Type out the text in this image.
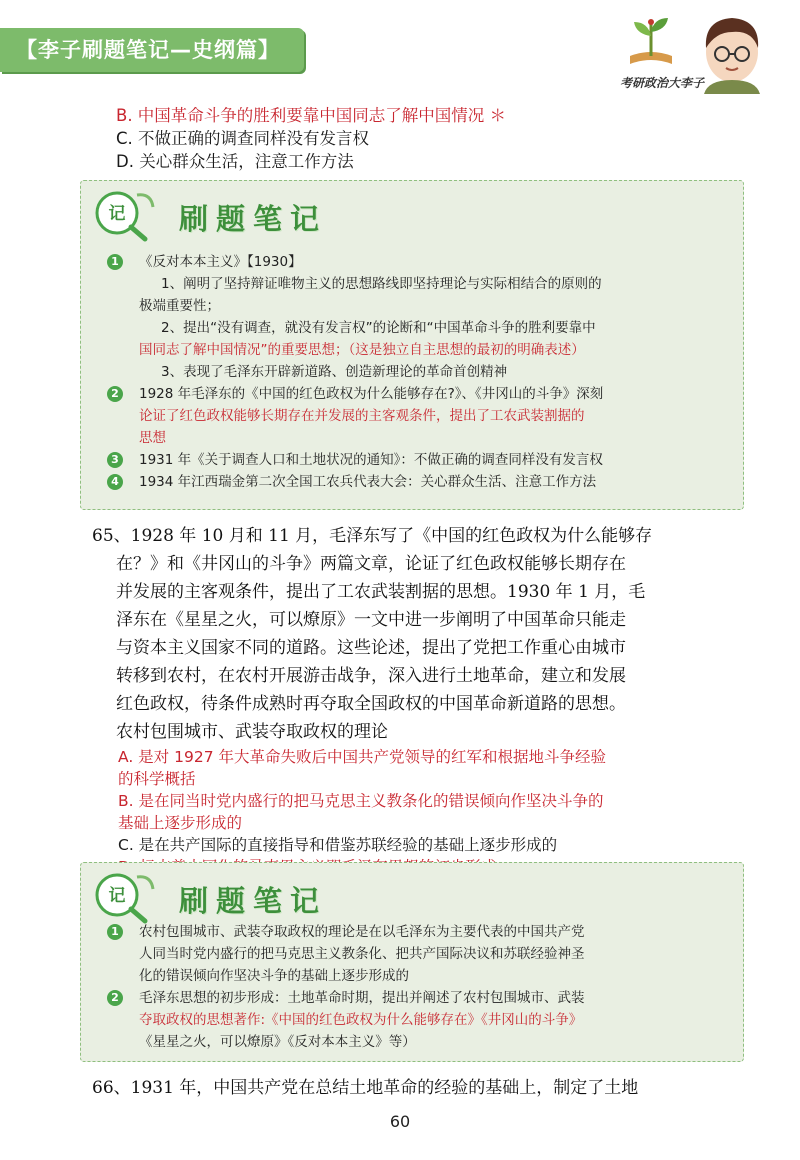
【李子刷题笔记—史纲篇】
考研政治大李子
B. 中国革命斗争的胜利要靠中国同志了解中国情况 ＊
C. 不做正确的调查同样没有发言权
D. 关心群众生活，注意工作方法
记 刷题笔记
1	《反对本本主义》【1930】
1、阐明了坚持辩证唯物主义的思想路线即坚持理论与实际相结合的原则的
极端重要性；
2、提出“没有调查，就没有发言权”的论断和“中国革命斗争的胜利要靠中
国同志了解中国情况”的重要思想；（这是独立自主思想的最初的明确表述）
3、表现了毛泽东开辟新道路、创造新理论的革命首创精神
2	1928 年毛泽东的《中国的红色政权为什么能够存在?》、《井冈山的斗争》深刻
论证了红色政权能够长期存在并发展的主客观条件，提出了工农武装割据的
思想
3	1931 年《关于调查人口和土地状况的通知》：不做正确的调查同样没有发言权
4	1934 年江西瑞金第二次全国工农兵代表大会：关心群众生活、注意工作方法
65、1928 年 10 月和 11 月，毛泽东写了《中国的红色政权为什么能够存
在？》和《井冈山的斗争》两篇文章，论证了红色政权能够长期存在
并发展的主客观条件，提出了工农武装割据的思想。1930 年 1 月，毛
泽东在《星星之火，可以燎原》一文中进一步阐明了中国革命只能走
与资本主义国家不同的道路。这些论述，提出了党把工作重心由城市
转移到农村，在农村开展游击战争，深入进行土地革命，建立和发展
红色政权，待条件成熟时再夺取全国政权的中国革命新道路的思想。
农村包围城市、武装夺取政权的理论
A. 是对 1927 年大革命失败后中国共产党领导的红军和根据地斗争经验
的科学概括
B. 是在同当时党内盛行的把马克思主义教条化的错误倾向作坚决斗争的
基础上逐步形成的
C. 是在共产国际的直接指导和借鉴苏联经验的基础上逐步形成的
记 刷题笔记
1	农村包围城市、武装夺取政权的理论是在以毛泽东为主要代表的中国共产党
人同当时党内盛行的把马克思主义教条化、把共产国际决议和苏联经验神圣
化的错误倾向作坚决斗争的基础上逐步形成的
2	毛泽东思想的初步形成：土地革命时期，提出并阐述了农村包围城市、武装
夺取政权的思想著作:《中国的红色政权为什么能够存在》《井冈山的斗争》
《星星之火，可以燎原》《反对本本主义》等）
66、1931 年，中国共产党在总结土地革命的经验的基础上，制定了土地
60
